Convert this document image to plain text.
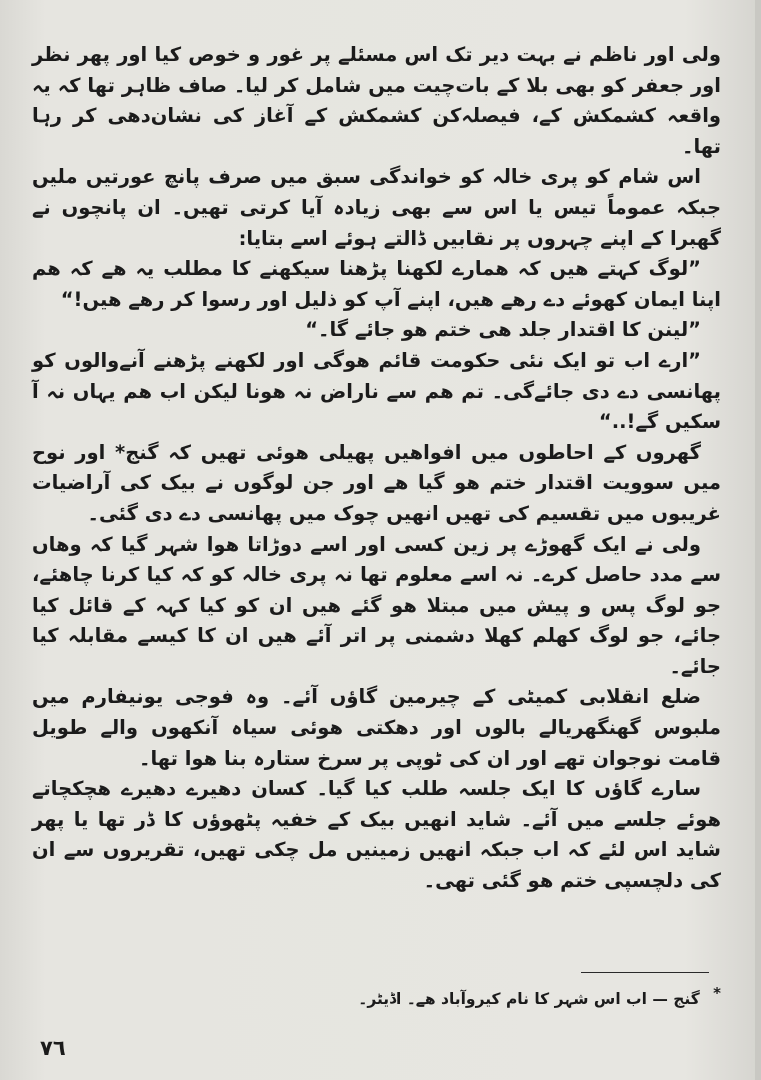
ولی اور ناظم نے بہت دیر تک اس مسئلے پر غور و خوص کیا اور پھر نظر اور جعفر کو بھی بلا کے بات‌چیت میں شامل کر لیا۔ صاف ظاہر تھا کہ یہ واقعہ کشمکش کے، فیصلہ‌کن کشمکش کے آغاز کی نشان‌دھی کر رہا تھا۔

اس شام کو پری خالہ کو خواندگی سبق میں صرف پانچ عورتیں ملیں جبکہ عموماً تیس یا اس سے بھی زیادہ آیا کرتی تھیں۔ ان پانچوں نے گھبرا کے اپنے چہروں پر نقابیں ڈالتے ہوئے اسے بتایا:

”لوگ کہتے ھیں کہ ھمارے لکھنا پڑھنا سیکھنے کا مطلب یہ ھے کہ ھم اپنا ایمان کھوئے دے رھے ھیں، اپنے آپ کو ذلیل اور رسوا کر رھے ھیں!“

”لینن کا اقتدار جلد ھی ختم ھو جائے گا۔“

”ارے اب تو ایک نئی حکومت قائم ھوگی اور لکھنے پڑھنے آنےوالوں کو پھانسی دے دی جائےگی۔ تم ھم سے ناراض نہ ھونا لیکن اب ھم یہاں نہ آ سکیں گے!..“

گھروں کے احاطوں میں افواھیں پھیلی ھوئی تھیں کہ گنج* اور نوح میں سوویت اقتدار ختم ھو گیا ھے اور جن لوگوں نے بیک کی آراضیات غریبوں میں تقسیم کی تھیں انھیں چوک میں پھانسی دے دی گئی۔

ولی نے ایک گھوڑے پر زین کسی اور اسے دوڑاتا ھوا شہر گیا کہ وھاں سے مدد حاصل کرے۔ نہ اسے معلوم تھا نہ پری خالہ کو کہ کیا کرنا چاھئے، جو لوگ پس و پیش میں مبتلا ھو گئے ھیں ان کو کیا کہہ کے قائل کیا جائے، جو لوگ کھلم کھلا دشمنی پر اتر آئے ھیں ان کا کیسے مقابلہ کیا جائے۔

ضلع انقلابی کمیٹی کے چیرمین گاؤں آئے۔ وہ فوجی یونیفارم میں ملبوس گھنگھریالے بالوں اور دھکتی ھوئی سیاہ آنکھوں والے طویل قامت نوجوان تھے اور ان کی ٹوپی پر سرخ ستارہ بنا ھوا تھا۔

سارے گاؤں کا ایک جلسہ طلب کیا گیا۔ کسان دھیرے دھیرے ھچکچاتے ھوئے جلسے میں آئے۔ شاید انھیں بیک کے خفیہ پٹھوؤں کا ڈر تھا یا پھر شاید اس لئے کہ اب جبکہ انھیں زمینیں مل چکی تھیں، تقریروں سے ان کی دلچسپی ختم ھو گئی تھی۔

* گنج — اب اس شہر کا نام کیروآباد ھے۔ اڈیٹر۔
۷٦
